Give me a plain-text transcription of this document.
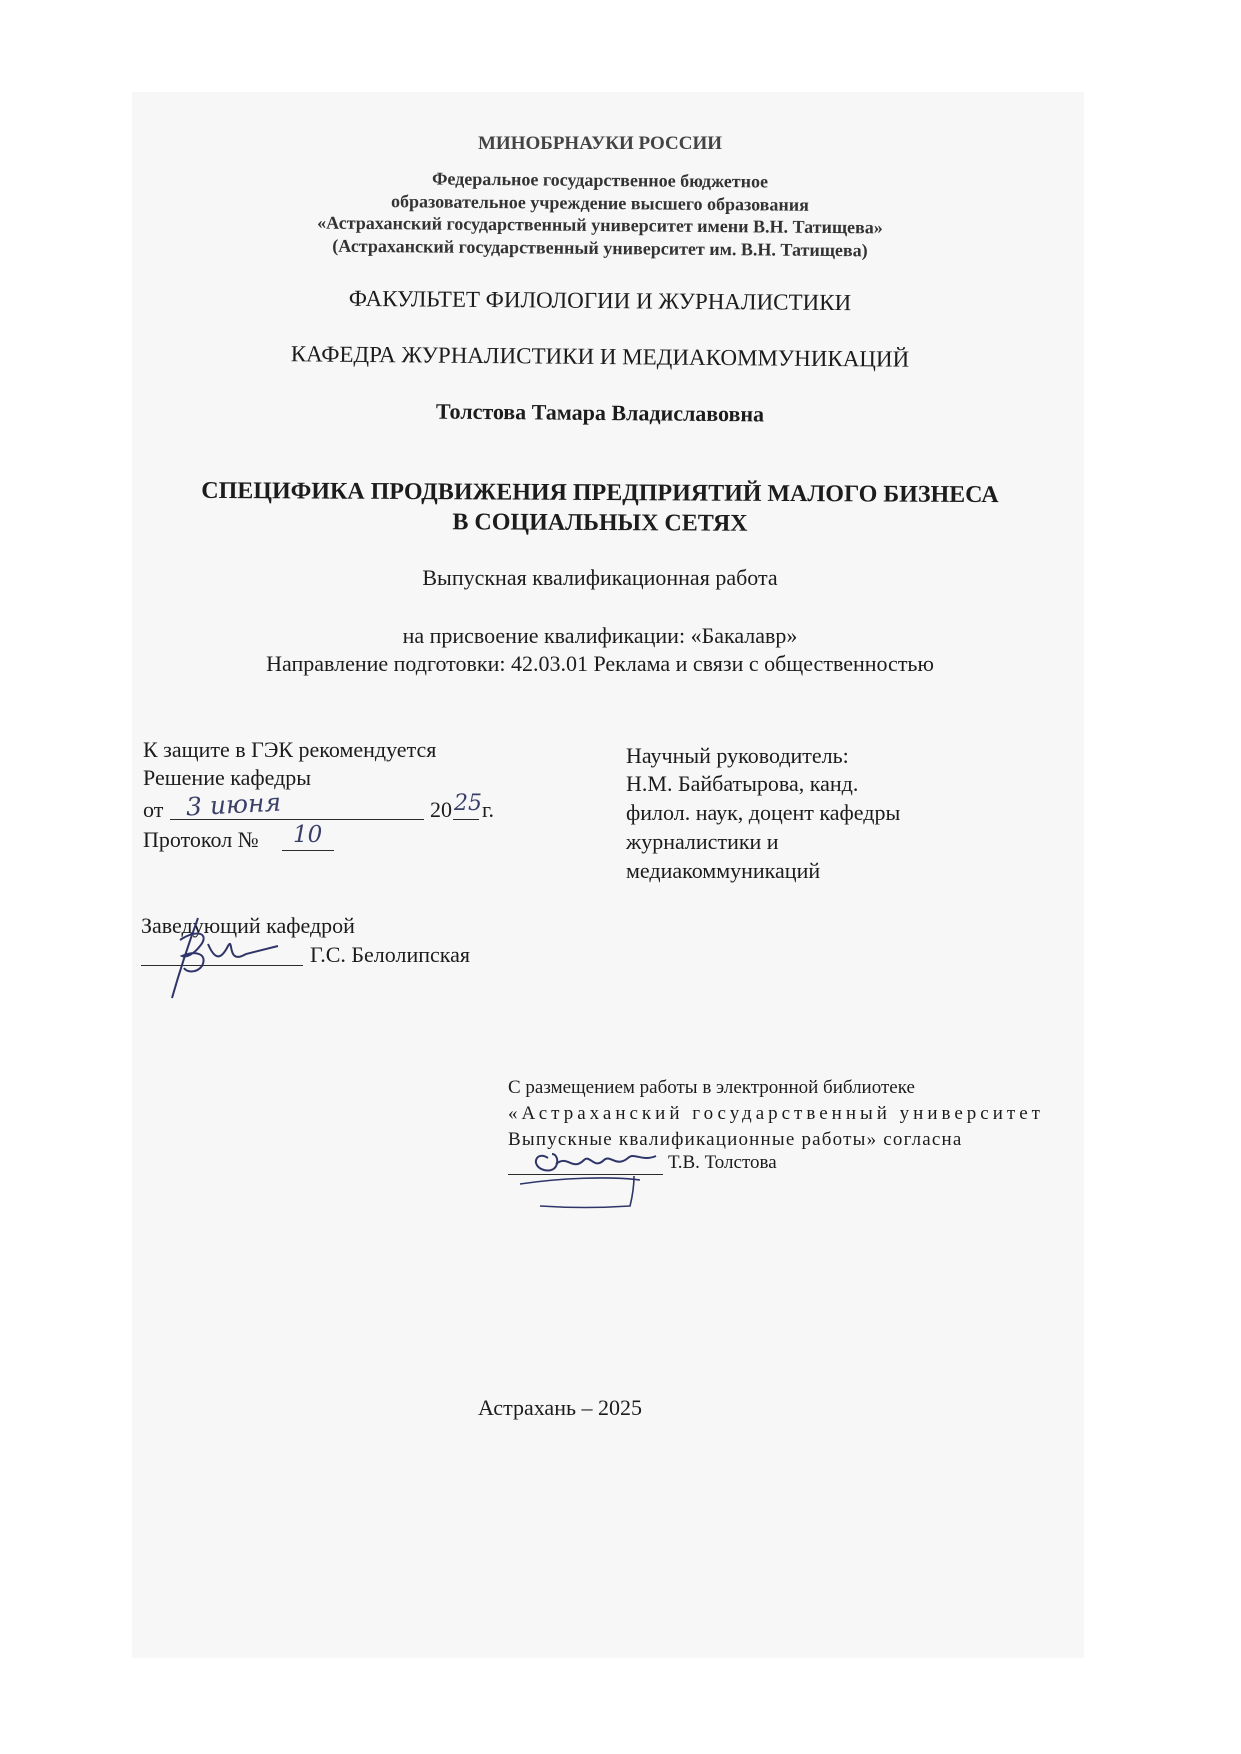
МИНОБРНАУКИ РОССИИ
Федеральное государственное бюджетное
образовательное учреждение высшего образования
«Астраханский государственный университет имени В.Н. Татищева»
(Астраханский государственный университет им. В.Н. Татищева)
ФАКУЛЬТЕТ ФИЛОЛОГИИ И ЖУРНАЛИСТИКИ
КАФЕДРА ЖУРНАЛИСТИКИ И МЕДИАКОММУНИКАЦИЙ
Толстова Тамара Владиславовна
СПЕЦИФИКА ПРОДВИЖЕНИЯ ПРЕДПРИЯТИЙ МАЛОГО БИЗНЕСА
В СОЦИАЛЬНЫХ СЕТЯХ
Выпускная квалификационная работа
на присвоение квалификации: «Бакалавр»
Направление подготовки: 42.03.01 Реклама и связи с общественностью
К защите в ГЭК рекомендуется
Решение кафедры
от 3 июня	20 25 г.
Протокол № 10
Научный руководитель:
Н.М. Байбатырова, канд.
филол. наук, доцент кафедры
журналистики и
медиакоммуникаций
Заведующий кафедрой
Г.С. Белолипская
С размещением работы в электронной библиотеке
«Астраханский государственный университет
Выпускные квалификационные работы» согласна
Т.В. Толстова
Астрахань – 2025
